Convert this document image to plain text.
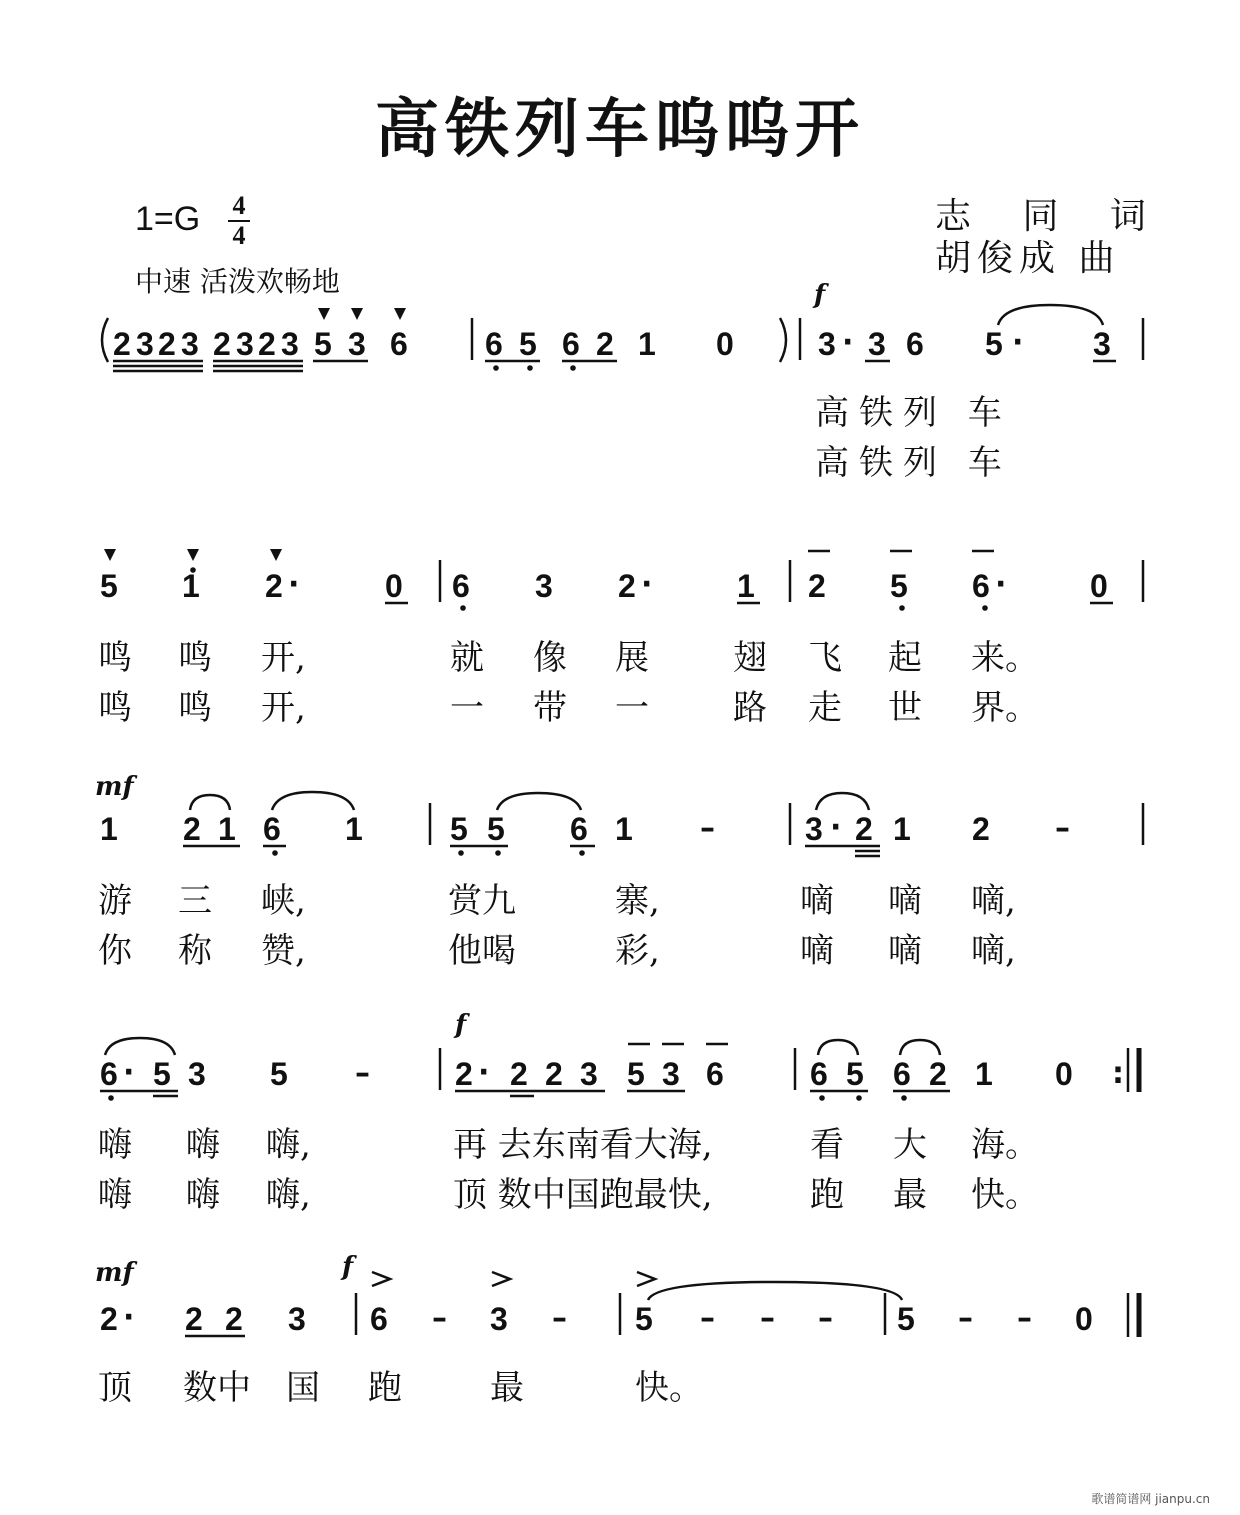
高铁列车呜呜开
1=G 4
4
中速 活泼欢畅地
志 同 词
胡俊成 曲
f
mf
f
mf	f
2 3 2 3 2 3 2 3 5 3 6 6 5 6 2 1 0	3 3 6 5	3
·	·
5 1 2	0 6 3 2	1 2 5 6	0
·	·	·
1 2 1 6 1	5 5 6 1	3 2 1 2
–	–
·
6 5 3 5	2 2 2 3 5 3 6	6 5 6 2 1 0
·	·
–	:
2 2 2 3 6	3	5	5	0
·	–	–	– – –	– –
高铁列 车
高铁列 车
鸣 鸣 开,	就 像 展 翅 飞 起 来。
鸣 鸣 开,	一 带 一 路 走 世 界。
游 三 峡,	赏九	寨,	嘀 嘀 嘀,
你 称 赞,	他喝	彩,	嘀 嘀 嘀,
嗨 嗨 嗨,	再 去东南看大海,	看 大 海。
嗨 嗨 嗨,	顶 数中国跑最快,	跑 最 快。
顶 数中 国 跑	最	快。
歌谱简谱网 jianpu.cn
